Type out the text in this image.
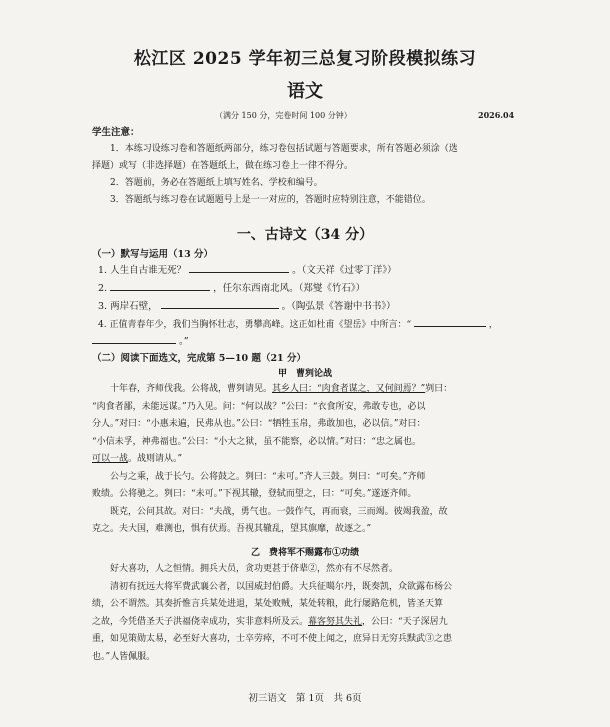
松江区 2025 学年初三总复习阶段模拟练习
语文
（满分 150 分，完卷时间 100 分钟）	2026.04
学生注意：
1．本练习设练习卷和答题纸两部分，练习卷包括试题与答题要求，所有答题必须涂（选
择题）或写（非选择题）在答题纸上，做在练习卷上一律不得分。
2．答题前，务必在答题纸上填写姓名、学校和编号。
3．答题纸与练习卷在试题题号上是一一对应的，答题时应特别注意，不能错位。
一、古诗文（34 分）
（一）默写与运用（13 分）
1. 人生自古谁无死？	。（文天祥《过零丁洋》）
2.	，任尔东西南北风。（郑燮《竹石》）
3. 两岸石壁，	。（陶弘景《答谢中书书》）
4. 正值青春年少，我们当胸怀壮志，勇攀高峰。这正如杜甫《望岳》中所言：“	，
。”
（二）阅读下面选文，完成第 5—10 题（21 分）
甲　曹刿论战
十年春，齐师伐我。公将战，曹刿请见。其乡人曰：“肉食者谋之，又何间焉？”刿曰：
“肉食者鄙，未能远谋。”乃入见。问：“何以战？”公曰：“衣食所安，弗敢专也，必以
分人。”对曰：“小惠未遍，民弗从也。”公曰：“牺牲玉帛，弗敢加也，必以信。”对曰：
“小信未孚，神弗福也。”公曰：“小大之狱，虽不能察，必以情。”对曰：“忠之属也。
可以一战。战则请从。”
公与之乘，战于长勺。公将鼓之。刿曰：“未可。”齐人三鼓。刿曰：“可矣。”齐师
败绩。公将驰之。刿曰：“未可。”下视其辙，登轼而望之，曰：“可矣。”遂逐齐师。
既克，公问其故。对曰：“夫战，勇气也。一鼓作气，再而衰，三而竭。彼竭我盈，故
克之。夫大国，难测也，惧有伏焉。吾视其辙乱，望其旗靡，故逐之。”
乙　费将军不赐露布①功绩
好大喜功，人之恒情。拥兵大员，贪功更甚于侪辈②，然亦有不尽然者。
清初有抚远大将军费武襄公者，以国威封伯爵。大兵征噶尔丹，既奏凯，众欲露布杨公
绩，公不谓然。其奏折惟言兵某处进退，某处败贼，某处转粮，此行屡路危机，皆圣天算
之故，今凭借圣天子洪福侥幸成功，实非意料所及云。幕客努其失礼，公曰：“天子深居九
重，如见策勋太易，必至好大喜功，士卒劳瘁，不可不使上闻之，庶异日无穷兵黩武③之患
也。”人皆佩服。
初三语文　第 1页　共 6页
